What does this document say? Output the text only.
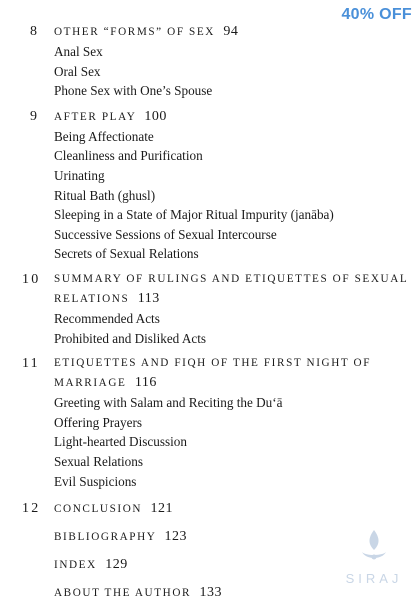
40% OFF
8 OTHER “FORMS” OF SEX 94
Anal Sex
Oral Sex
Phone Sex with One’s Spouse
9 AFTER PLAY 100
Being Affectionate
Cleanliness and Purification
Urinating
Ritual Bath (ghusl)
Sleeping in a State of Major Ritual Impurity (janāba)
Successive Sessions of Sexual Intercourse
Secrets of Sexual Relations
10 SUMMARY OF RULINGS AND ETIQUETTES OF SEXUAL
RELATIONS 113
Recommended Acts
Prohibited and Disliked Acts
11 ETIQUETTES AND FIQH OF THE FIRST NIGHT OF
MARRIAGE 116
Greeting with Salam and Reciting the Du‘ā
Offering Prayers
Light-hearted Discussion
Sexual Relations
Evil Suspicions
12 CONCLUSION 121
BIBLIOGRAPHY 123
INDEX 129
ABOUT THE AUTHOR 133
SIRAJ
